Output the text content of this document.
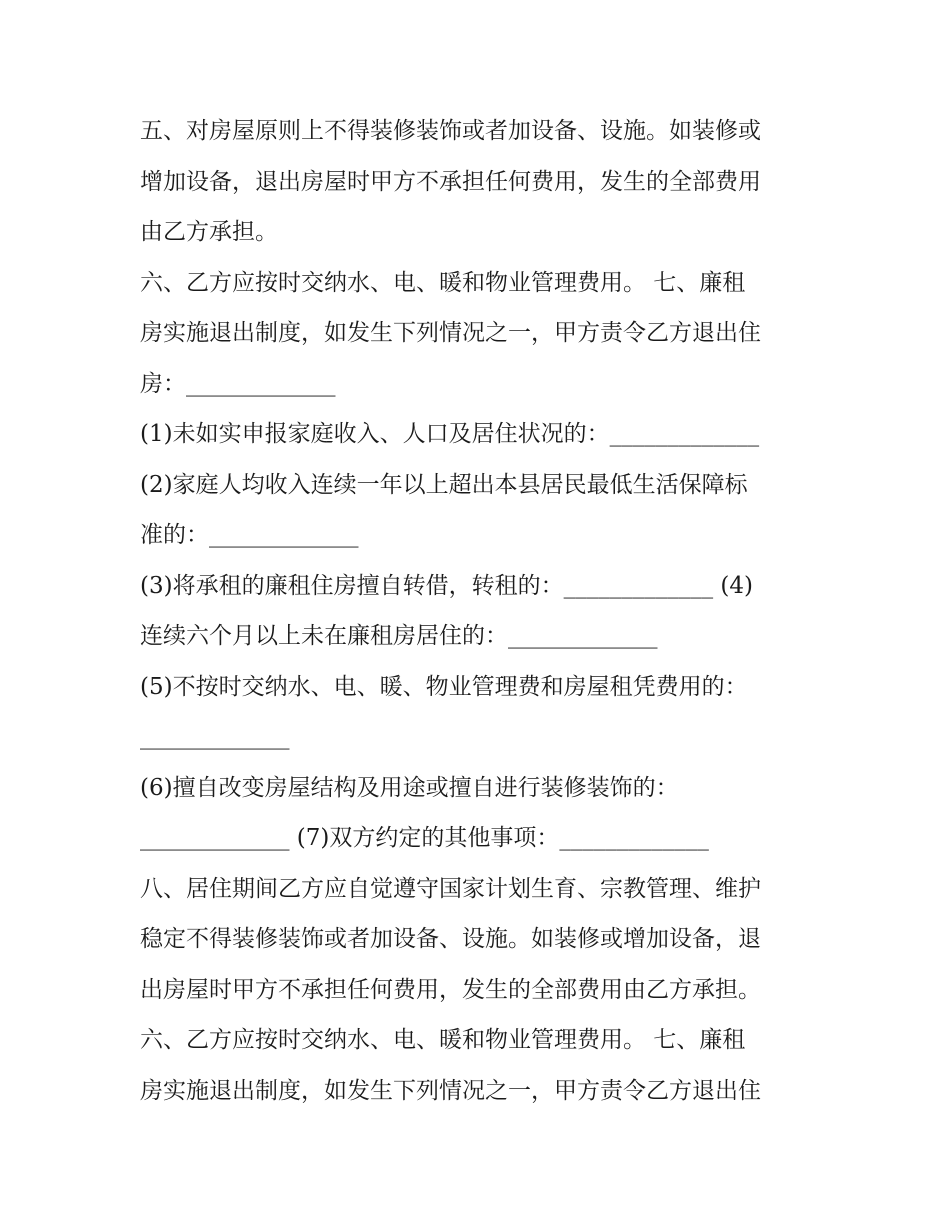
五、对房屋原则上不得装修装饰或者加设备、设施。如装修或
增加设备，退出房屋时甲方不承担任何费用，发生的全部费用
由乙方承担。
六、乙方应按时交纳水、电、暖和物业管理费用。 七、廉租
房实施退出制度，如发生下列情况之一，甲方责令乙方退出住
房：_____________
(1)未如实申报家庭收入、人口及居住状况的：_____________
(2)家庭人均收入连续一年以上超出本县居民最低生活保障标
准的：_____________
(3)将承租的廉租住房擅自转借，转租的：_____________ (4)
连续六个月以上未在廉租房居住的：_____________
(5)不按时交纳水、电、暖、物业管理费和房屋租凭费用的：
_____________
(6)擅自改变房屋结构及用途或擅自进行装修装饰的：
_____________ (7)双方约定的其他事项：_____________
八、居住期间乙方应自觉遵守国家计划生育、宗教管理、维护
稳定不得装修装饰或者加设备、设施。如装修或增加设备，退
出房屋时甲方不承担任何费用，发生的全部费用由乙方承担。
六、乙方应按时交纳水、电、暖和物业管理费用。 七、廉租
房实施退出制度，如发生下列情况之一，甲方责令乙方退出住
